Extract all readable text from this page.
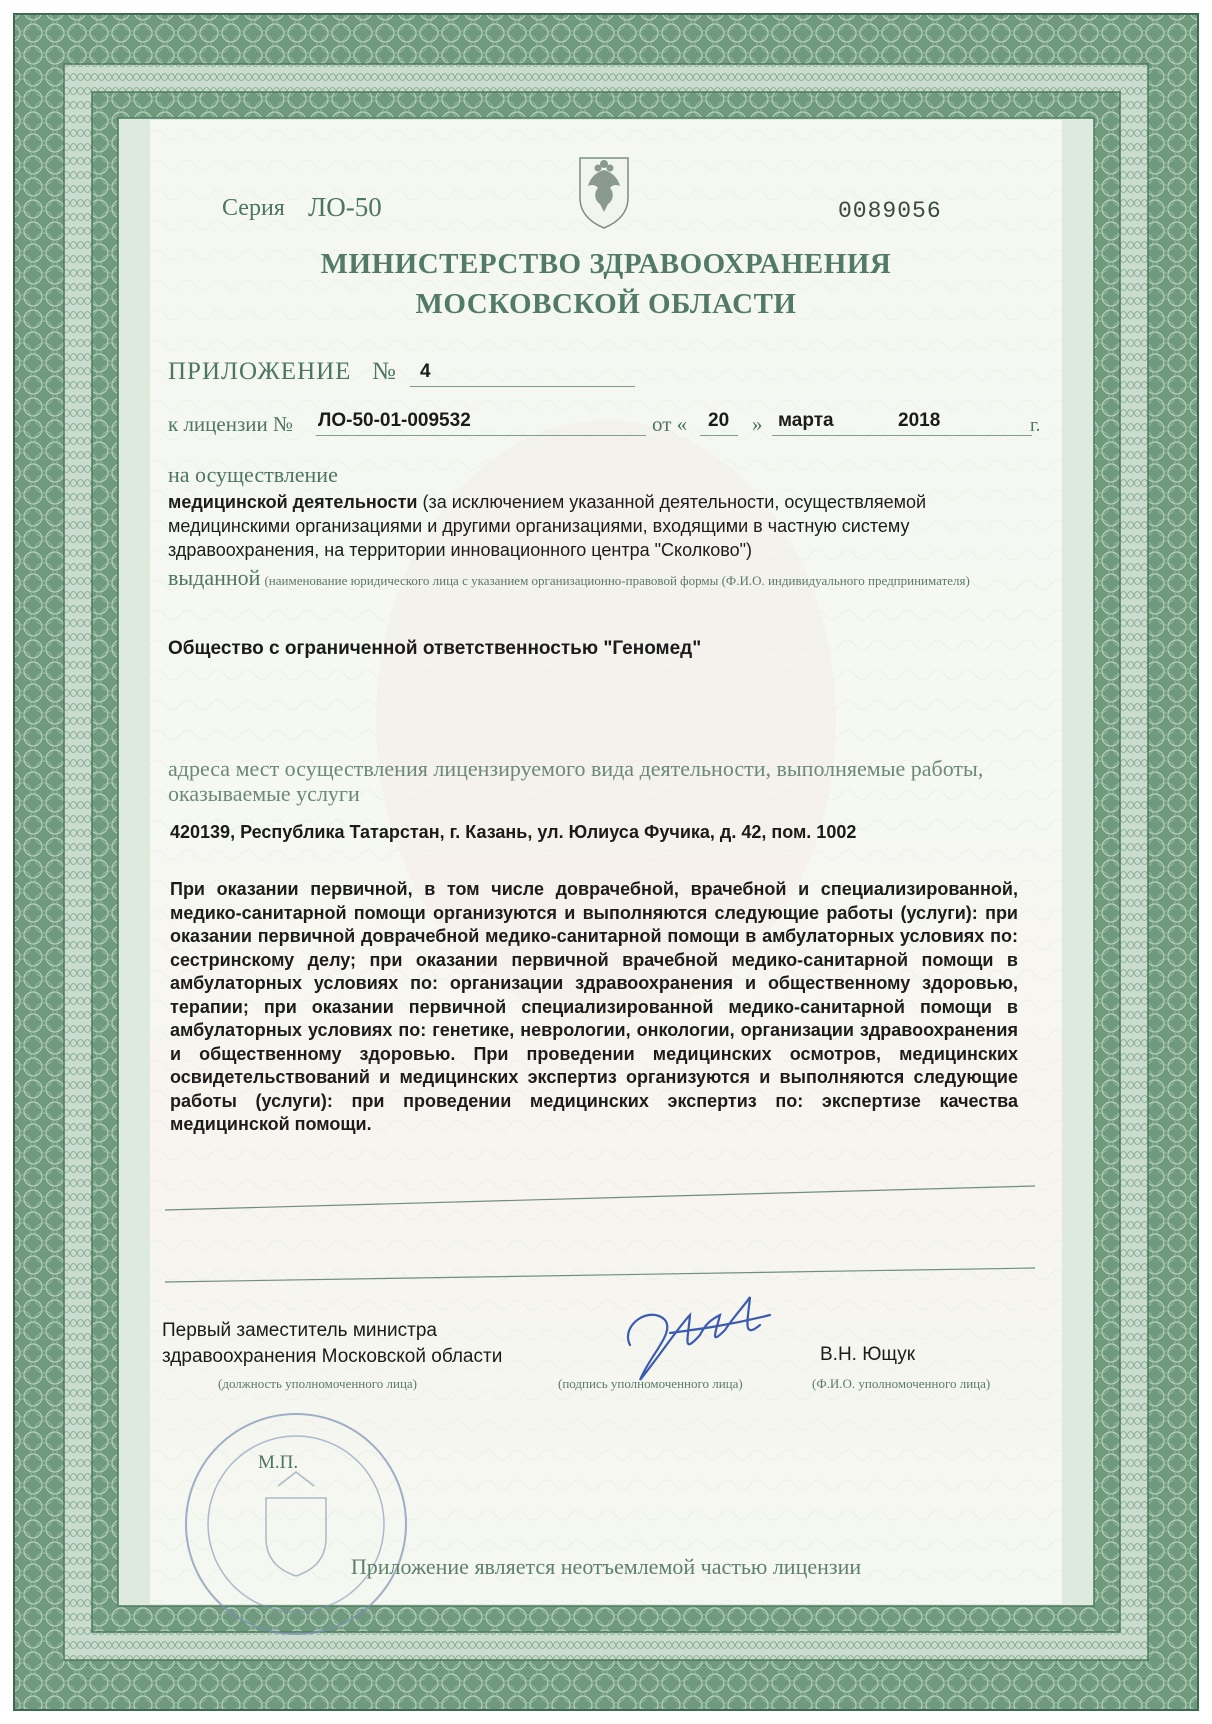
Серия ЛО-50	0089056
МИНИСТЕРСТВО ЗДРАВООХРАНЕНИЯ
МОСКОВСКОЙ ОБЛАСТИ
ПРИЛОЖЕНИЕ № 4
к лицензии № ЛО-50-01-009532	от « 20 » марта	2018	г.
на осуществление
медицинской деятельности (за исключением указанной деятельности, осуществляемой медицинскими организациями и другими организациями, входящими в частную систему здравоохранения, на территории инновационного центра "Сколково")
выданной (наименование юридического лица с указанием организационно-правовой формы (Ф.И.О. индивидуального предпринимателя)
Общество с ограниченной ответственностью "Геномед"
адреса мест осуществления лицензируемого вида деятельности, выполняемые работы, оказываемые услуги
420139, Республика Татарстан, г. Казань, ул. Юлиуса Фучика, д. 42, пом. 1002
При оказании первичной, в том числе доврачебной, врачебной и специализированной, медико-санитарной помощи организуются и выполняются следующие работы (услуги): при оказании первичной доврачебной медико-санитарной помощи в амбулаторных условиях по: сестринскому делу; при оказании первичной врачебной медико-санитарной помощи в амбулаторных условиях по: организации здравоохранения и общественному здоровью, терапии; при оказании первичной специализированной медико-санитарной помощи в амбулаторных условиях по: генетике, неврологии, онкологии, организации здравоохранения и общественному здоровью. При проведении медицинских осмотров, медицинских освидетельствований и медицинских экспертиз организуются и выполняются следующие работы (услуги): при проведении медицинских экспертиз по: экспертизе качества медицинской помощи.
Первый заместитель министра
здравоохранения Московской области	В.Н. Ющук
(должность уполномоченного лица)	(подпись уполномоченного лица)	(Ф.И.О. уполномоченного лица)
М.П.
Приложение является неотъемлемой частью лицензии
